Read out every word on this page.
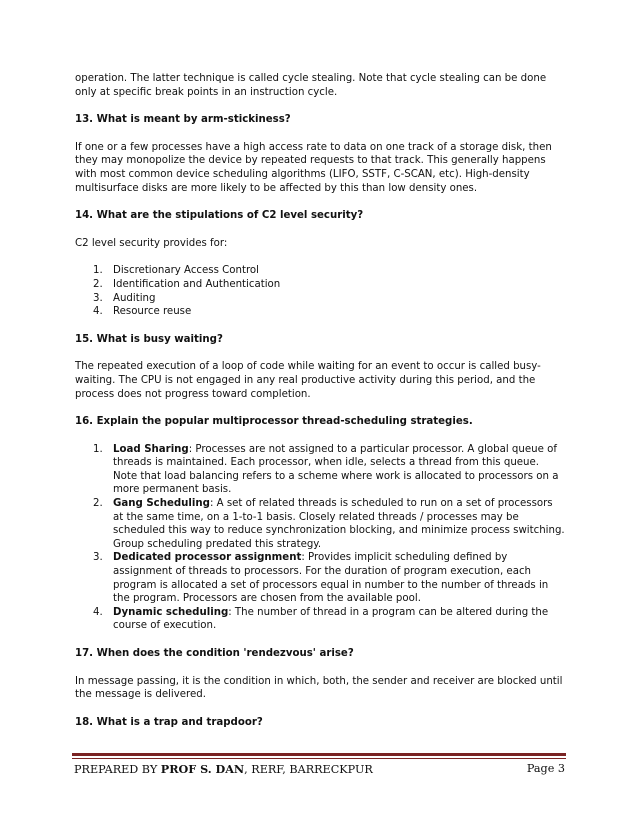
operation. The latter technique is called cycle stealing. Note that cycle stealing can be done only at specific break points in an instruction cycle.

13. What is meant by arm-stickiness?

If one or a few processes have a high access rate to data on one track of a storage disk, then they may monopolize the device by repeated requests to that track. This generally happens with most common device scheduling algorithms (LIFO, SSTF, C-SCAN, etc). High-density multisurface disks are more likely to be affected by this than low density ones.

14. What are the stipulations of C2 level security?

C2 level security provides for:

1. Discretionary Access Control
2. Identification and Authentication
3. Auditing
4. Resource reuse

15. What is busy waiting?

The repeated execution of a loop of code while waiting for an event to occur is called busy-waiting. The CPU is not engaged in any real productive activity during this period, and the process does not progress toward completion.

16. Explain the popular multiprocessor thread-scheduling strategies.

1. Load Sharing: Processes are not assigned to a particular processor. A global queue of threads is maintained. Each processor, when idle, selects a thread from this queue. Note that load balancing refers to a scheme where work is allocated to processors on a more permanent basis.
2. Gang Scheduling: A set of related threads is scheduled to run on a set of processors at the same time, on a 1-to-1 basis. Closely related threads / processes may be scheduled this way to reduce synchronization blocking, and minimize process switching. Group scheduling predated this strategy.
3. Dedicated processor assignment: Provides implicit scheduling defined by assignment of threads to processors. For the duration of program execution, each program is allocated a set of processors equal in number to the number of threads in the program. Processors are chosen from the available pool.
4. Dynamic scheduling: The number of thread in a program can be altered during the course of execution.

17. When does the condition 'rendezvous' arise?

In message passing, it is the condition in which, both, the sender and receiver are blocked until the message is delivered.

18. What is a trap and trapdoor?

PREPARED BY PROF S. DAN, RERF, BARRECKPUR	Page 3
